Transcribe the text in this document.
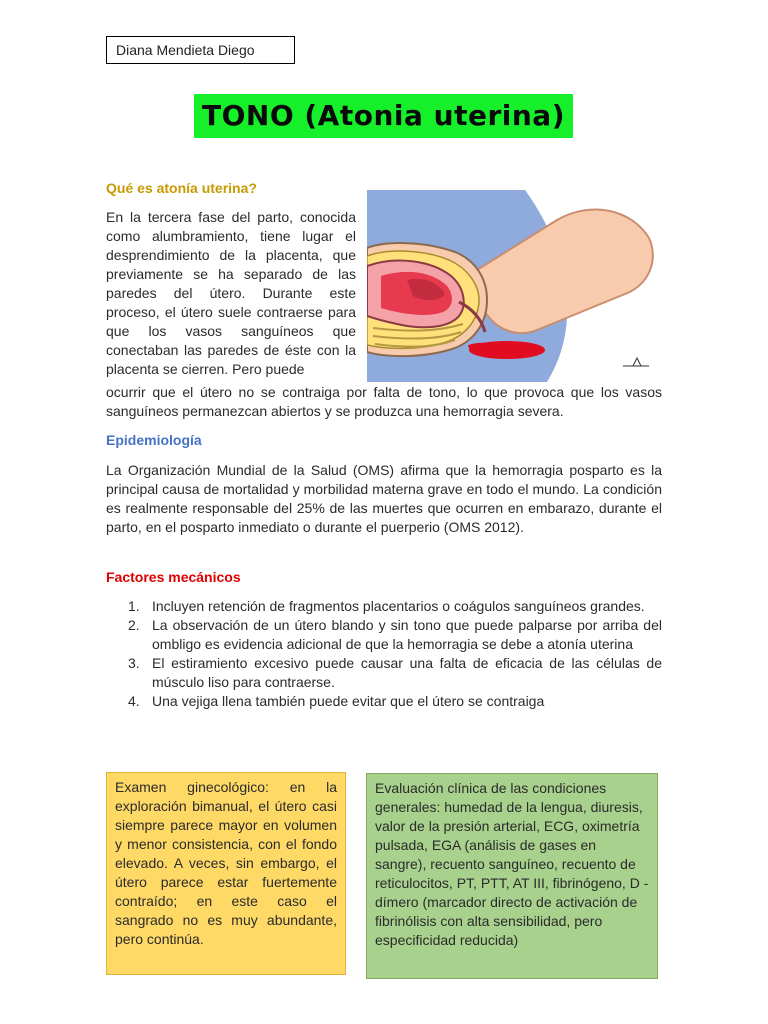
Diana Mendieta Diego
TONO (Atonia uterina)
Qué es atonía uterina?
En la tercera fase del parto, conocida como alumbramiento, tiene lugar el desprendimiento de la placenta, que previamente se ha separado de las paredes del útero. Durante este proceso, el útero suele contraerse para que los vasos sanguíneos que conectaban las paredes de éste con la placenta se cierren. Pero puede
ocurrir que el útero no se contraiga por falta de tono, lo que provoca que los vasos sanguíneos permanezcan abiertos y se produzca una hemorragia severa.
Epidemiología
La Organización Mundial de la Salud (OMS) afirma que la hemorragia posparto es la principal causa de mortalidad y morbilidad materna grave en todo el mundo. La condición es realmente responsable del 25% de las muertes que ocurren en embarazo, durante el parto, en el posparto inmediato o durante el puerperio (OMS 2012).
Factores mecánicos
1. Incluyen retención de fragmentos placentarios o coágulos sanguíneos grandes.
2. La observación de un útero blando y sin tono que puede palparse por arriba del ombligo es evidencia adicional de que la hemorragia se debe a atonía uterina
3. El estiramiento excesivo puede causar una falta de eficacia de las células de músculo liso para contraerse.
4. Una vejiga llena también puede evitar que el útero se contraiga
Examen ginecológico: en la exploración bimanual, el útero casi siempre parece mayor en volumen y menor consistencia, con el fondo elevado. A veces, sin embargo, el útero parece estar fuertemente contraído; en este caso el sangrado no es muy abundante, pero continúa.
Evaluación clínica de las condiciones generales: humedad de la lengua, diuresis, valor de la presión arterial, ECG, oximetría pulsada, EGA (análisis de gases en sangre), recuento sanguíneo, recuento de reticulocitos, PT, PTT, AT III, fibrinógeno, D -dímero (marcador directo de activación de fibrinólisis con alta sensibilidad, pero especificidad reducida)
